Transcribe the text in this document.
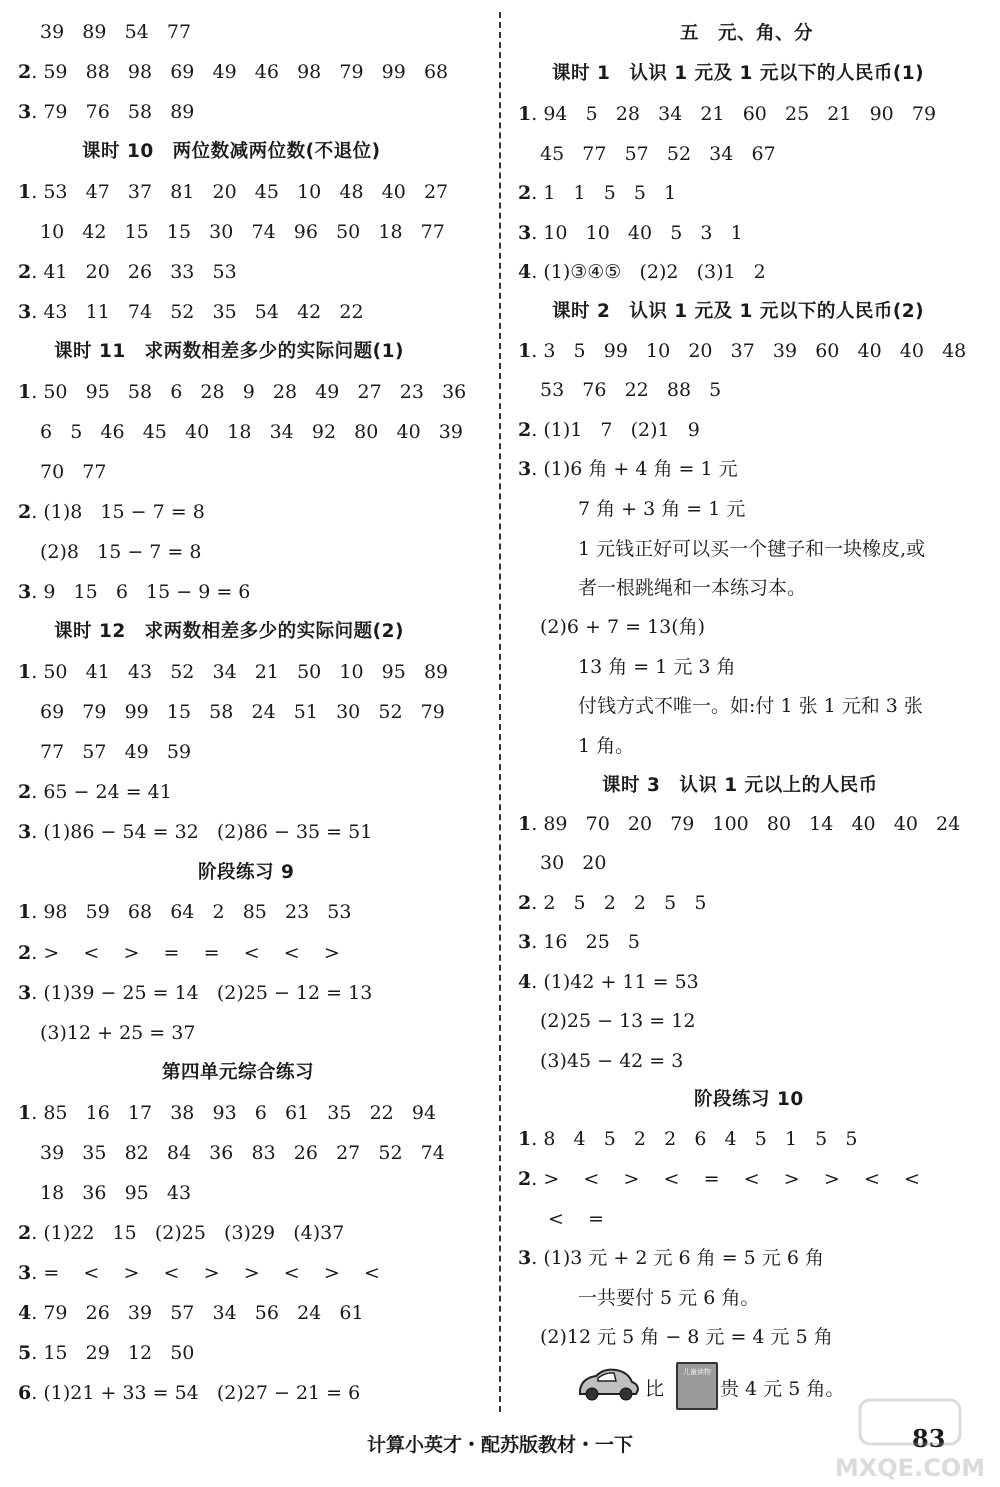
39   89   54   77
2. 59   88   98   69   49   46   98   79   99   68
3. 79   76   58   89
课时 10　两位数减两位数(不退位)
1. 53   47   37   81   20   45   10   48   40   27
10   42   15   15   30   74   96   50   18   77
2. 41   20   26   33   53
3. 43   11   74   52   35   54   42   22
课时 11　求两数相差多少的实际问题(1)
1. 50   95   58   6   28   9   28   49   27   23   36
6   5   46   45   40   18   34   92   80   40   39
70   77
2. (1)8   15 − 7 = 8
(2)8   15 − 7 = 8
3. 9   15   6   15 − 9 = 6
课时 12　求两数相差多少的实际问题(2)
1. 50   41   43   52   34   21   50   10   95   89
69   79   99   15   58   24   51   30   52   79
77   57   49   59
2. 65 − 24 = 41
3. (1)86 − 54 = 32   (2)86 − 35 = 51
阶段练习 9
1. 98   59   68   64   2   85   23   53
2. >    <    >    =    =    <    <    >
3. (1)39 − 25 = 14   (2)25 − 12 = 13
(3)12 + 25 = 37
第四单元综合练习
1. 85   16   17   38   93   6   61   35   22   94
39   35   82   84   36   83   26   27   52   74
18   36   95   43
2. (1)22   15   (2)25   (3)29   (4)37
3. =    <    >    <    >    >    <    >    <
4. 79   26   39   57   34   56   24   61
5. 15   29   12   50
6. (1)21 + 33 = 54   (2)27 − 21 = 6
五　元、角、分
课时 1　认识 1 元及 1 元以下的人民币(1)
1. 94   5   28   34   21   60   25   21   90   79
45   77   57   52   34   67
2. 1   1   5   5   1
3. 10   10   40   5   3   1
4. (1)③④⑤   (2)2   (3)1   2
课时 2　认识 1 元及 1 元以下的人民币(2)
1. 3   5   99   10   20   37   39   60   40   40   48
53   76   22   88   5
2. (1)1   7   (2)1   9
3. (1)6 角 + 4 角 = 1 元
7 角 + 3 角 = 1 元
1 元钱正好可以买一个毽子和一块橡皮,或
者一根跳绳和一本练习本。
(2)6 + 7 = 13(角)
13 角 = 1 元 3 角
付钱方式不唯一。如:付 1 张 1 元和 3 张
1 角。
课时 3　认识 1 元以上的人民币
1. 89   70   20   79   100   80   14   40   40   24
30   20
2. 2   5   2   2   5   5
3. 16   25   5
4. (1)42 + 11 = 53
(2)25 − 13 = 12
(3)45 − 42 = 3
阶段练习 10
1. 8   4   5   2   2   6   4   5   1   5   5
2. >    <    >    <    =    <    >    >    <    <
<    =
3. (1)3 元 + 2 元 6 角 = 5 元 6 角
一共要付 5 元 6 角。
(2)12 元 5 角 − 8 元 = 4 元 5 角
比
儿童读物
贵 4 元 5 角。
计算小英才・配苏版教材・一下	83
MXQE.COM
